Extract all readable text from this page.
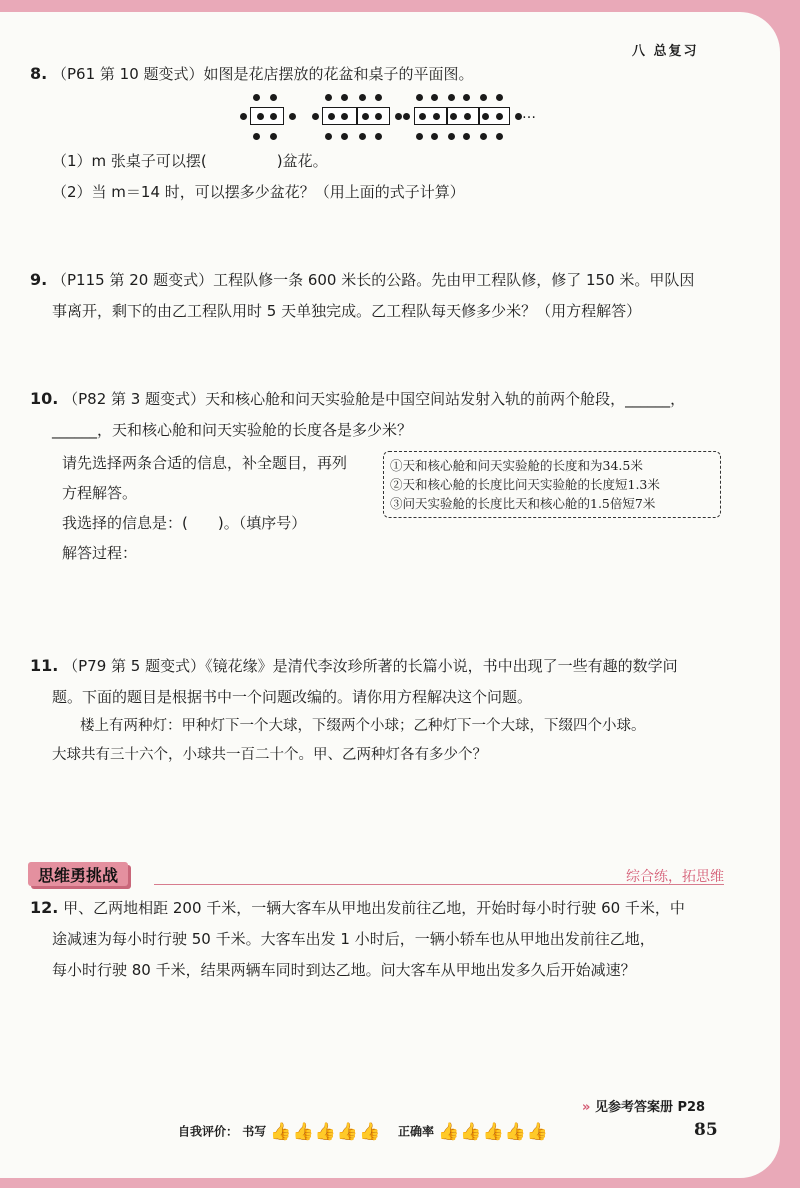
八 总复习
8. （P61 第 10 题变式）如图是花店摆放的花盆和桌子的平面图。
…
（1）m 张桌子可以摆(	)盆花。
（2）当 m＝14 时，可以摆多少盆花？（用上面的式子计算）
9. （P115 第 20 题变式）工程队修一条 600 米长的公路。先由甲工程队修，修了 150 米。甲队因
事离开，剩下的由乙工程队用时 5 天单独完成。乙工程队每天修多少米？（用方程解答）
10. （P82 第 3 题变式）天和核心舱和问天实验舱是中国空间站发射入轨的前两个舱段，______，
______，天和核心舱和问天实验舱的长度各是多少米？
请先选择两条合适的信息，补全题目，再列
方程解答。
我选择的信息是：(　　)。（填序号）
解答过程：
①天和核心舱和问天实验舱的长度和为34.5米
②天和核心舱的长度比问天实验舱的长度短1.3米
③问天实验舱的长度比天和核心舱的1.5倍短7米
11. （P79 第 5 题变式）《镜花缘》是清代李汝珍所著的长篇小说，书中出现了一些有趣的数学问
题。下面的题目是根据书中一个问题改编的。请你用方程解决这个问题。
楼上有两种灯：甲种灯下一个大球，下缀两个小球；乙种灯下一个大球，下缀四个小球。
大球共有三十六个，小球共一百二十个。甲、乙两种灯各有多少个？
思维勇挑战	综合练，拓思维
12. 甲、乙两地相距 200 千米，一辆大客车从甲地出发前往乙地，开始时每小时行驶 60 千米，中
途减速为每小时行驶 50 千米。大客车出发 1 小时后，一辆小轿车也从甲地出发前往乙地，
每小时行驶 80 千米，结果两辆车同时到达乙地。问大客车从甲地出发多久后开始减速？
» 见参考答案册 P28
自我评价： 书写 👍👍👍👍👍 正确率 👍👍👍👍👍	85
